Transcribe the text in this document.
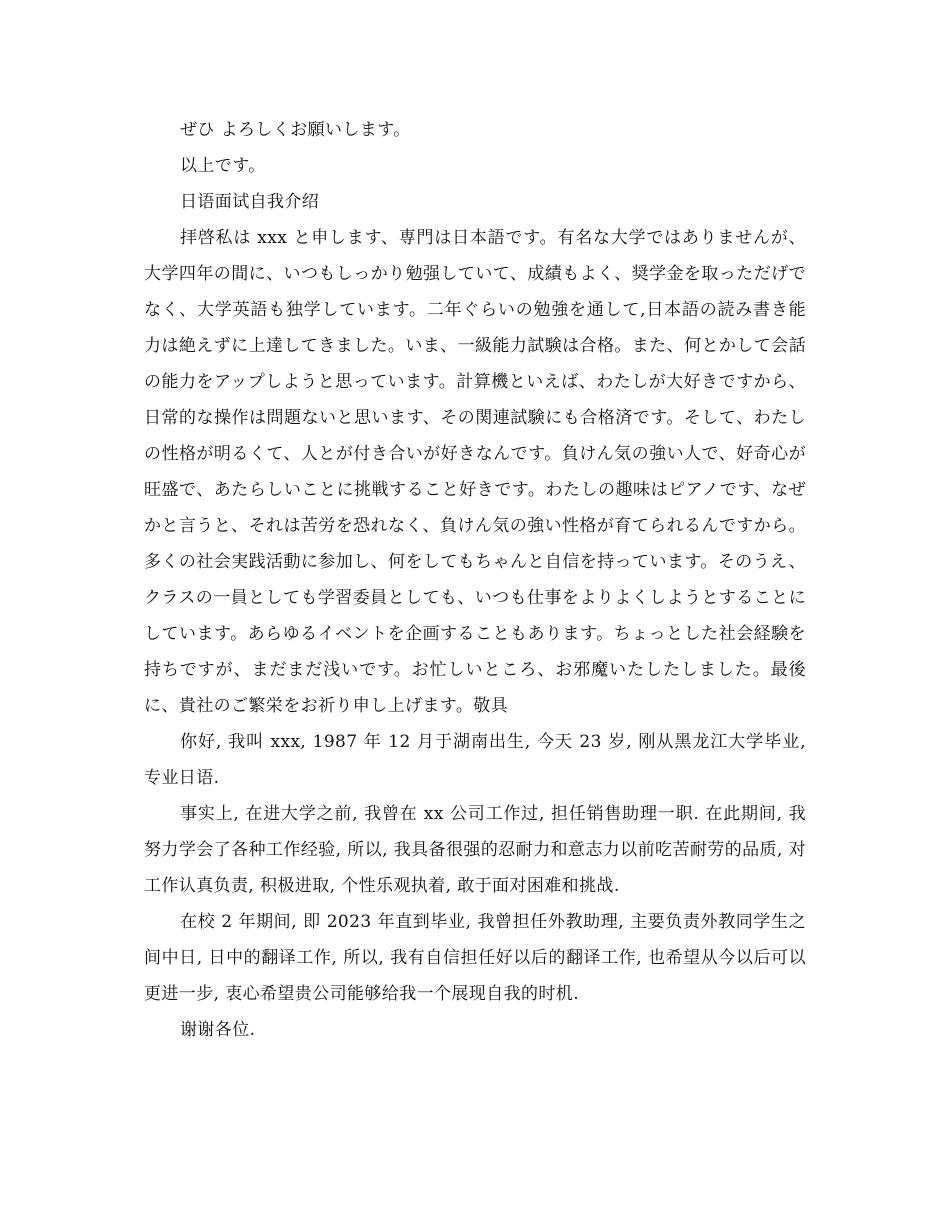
ぜひ よろしくお願いします。

以上です。

日语面试自我介绍

拝啓私は xxx と申します、専門は日本語です。有名な大学ではありませんが、大学四年の間に、いつもしっかり勉强していて、成績もよく、奨学金を取っただげでなく、大学英語も独学しています。二年ぐらいの勉強を通して,日本語の読み書き能力は絶えずに上達してきました。いま、一級能力試験は合格。また、何とかして会話の能力をアップしようと思っています。計算機といえば、わたしが大好きですから、日常的な操作は問題ないと思います、その関連試験にも合格済です。そして、わたしの性格が明るくて、人とが付き合いが好きなんです。負けん気の強い人で、好奇心が旺盛で、あたらしいことに挑戦すること好きです。わたしの趣味はピアノです、なぜかと言うと、それは苦労を恐れなく、負けん気の強い性格が育てられるんですから。多くの社会実践活動に参加し、何をしてもちゃんと自信を持っています。そのうえ、クラスの一員としても学習委員としても、いつも仕事をよりよくしようとすることにしています。あらゆるイベントを企画することもあります。ちょっとした社会経験を持ちですが、まだまだ浅いです。お忙しいところ、お邪魔いたしたしました。最後に、貴社のご繁栄をお祈り申し上げます。敬具

你好, 我叫 xxx, 1987 年 12 月于湖南出生, 今天 23 岁, 刚从黑龙江大学毕业, 专业日语.

事实上, 在进大学之前, 我曾在 xx 公司工作过, 担任销售助理一职. 在此期间, 我努力学会了各种工作经验, 所以, 我具备很强的忍耐力和意志力以前吃苦耐劳的品质, 对工作认真负责, 积极进取, 个性乐观执着, 敢于面对困难和挑战.

在校 2 年期间, 即 2023 年直到毕业, 我曾担任外教助理, 主要负责外教同学生之间中日, 日中的翻译工作, 所以, 我有自信担任好以后的翻译工作, 也希望从今以后可以更进一步, 衷心希望贵公司能够给我一个展现自我的时机.

谢谢各位.
